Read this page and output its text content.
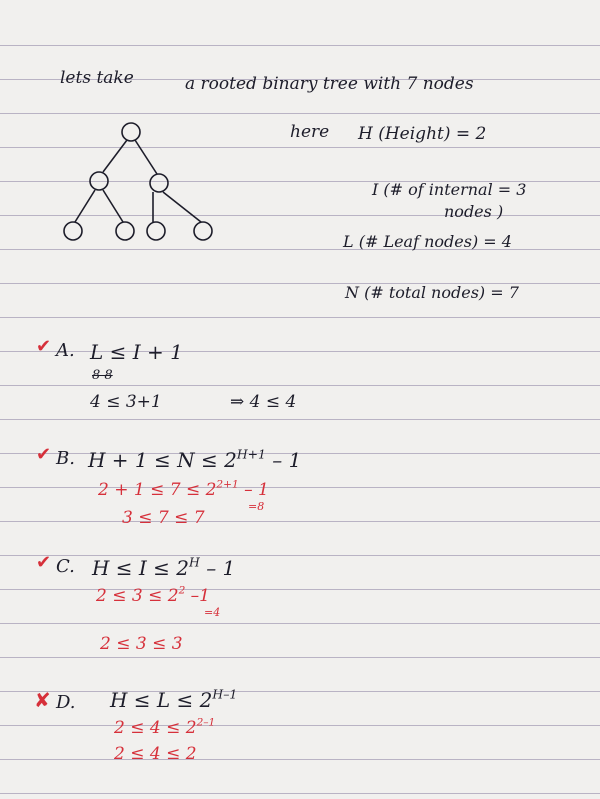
lets take	a rooted binary tree with 7 nodes
here H (Height) = 2
I (# of internal = 3
nodes )
L (# Leaf nodes) = 4
N (# total nodes) = 7
✔ A. L ≤ I + 1
8 8
4 ≤ 3+1	⇒ 4 ≤ 4
✔ B. $H + 1 \le N \le 2^{H+1} - 1$
$2 + 1 \le 7 \le 2^{2+1} - 1$
=8
3 ≤ 7 ≤ 7
✔ C. $H \le I \le 2^H - 1$
$2 \le 3 \le 2^2$ –1
=4
2 ≤ 3 ≤ 3
✘ D. $H \le L \le 2^{H-1}$
$2 \le 4 \le 2^{2-1}$
2 ≤ 4 ≤ 2
